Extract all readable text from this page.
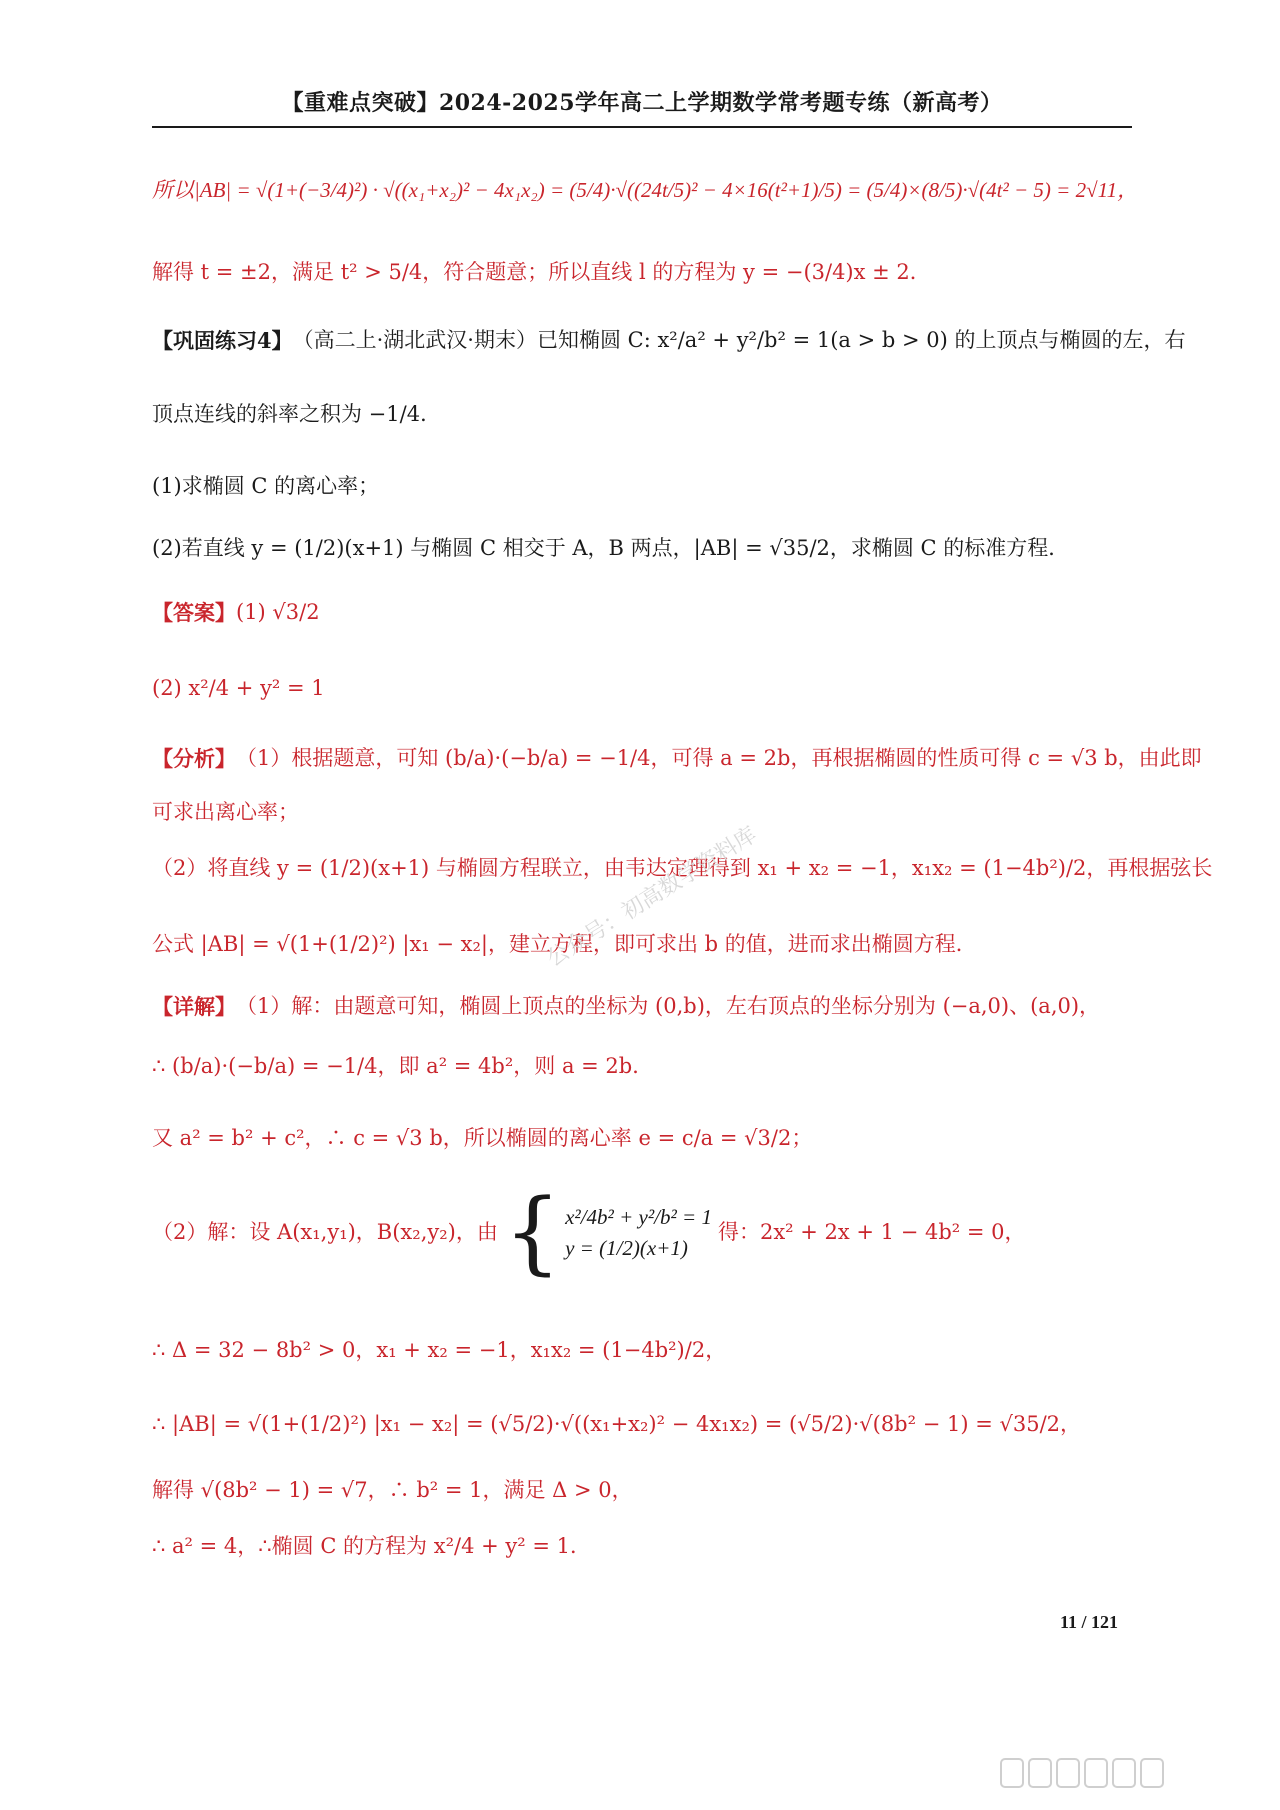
【重难点突破】2024-2025学年高二上学期数学常考题专练（新高考）
所以|AB| = √(1+(−3/4)²) · √((x₁+x₂)² − 4x₁x₂) = (5/4)·√((24t/5)² − 4×16(t²+1)/5) = (5/4)×(8/5)·√(4t² − 5) = 2√11，
解得 t = ±2，满足 t² > 5/4，符合题意；所以直线 l 的方程为 y = −(3/4)x ± 2．
【巩固练习4】 （高二上·湖北武汉·期末）已知椭圆 C: x²/a² + y²/b² = 1(a > b > 0) 的上顶点与椭圆的左，右
顶点连线的斜率之积为 −1/4．
(1)求椭圆 C 的离心率；
(2)若直线 y = (1/2)(x+1) 与椭圆 C 相交于 A，B 两点，|AB| = √35/2，求椭圆 C 的标准方程．
【答案】 (1) √3/2
(2) x²/4 + y² = 1
【分析】 （1）根据题意，可知 (b/a)·(−b/a) = −1/4，可得 a = 2b，再根据椭圆的性质可得 c = √3 b，由此即
可求出离心率；
（2）将直线 y = (1/2)(x+1) 与椭圆方程联立，由韦达定理得到 x₁ + x₂ = −1，x₁x₂ = (1−4b²)/2，再根据弦长
公式 |AB| = √(1+(1/2)²) |x₁ − x₂|，建立方程，即可求出 b 的值，进而求出椭圆方程．
【详解】 （1）解：由题意可知，椭圆上顶点的坐标为 (0,b)，左右顶点的坐标分别为 (−a,0)、(a,0)，
∴ (b/a)·(−b/a) = −1/4，即 a² = 4b²，则 a = 2b．
又 a² = b² + c²，∴ c = √3 b，所以椭圆的离心率 e = c/a = √3/2；
（2）解：设 A(x₁,y₁)，B(x₂,y₂)，由 { x²/4b² + y²/b² = 1
y = (1/2)(x+1)
得：2x² + 2x + 1 − 4b² = 0，
∴ Δ = 32 − 8b² > 0，x₁ + x₂ = −1，x₁x₂ = (1−4b²)/2，
∴ |AB| = √(1+(1/2)²) |x₁ − x₂| = (√5/2)·√((x₁+x₂)² − 4x₁x₂) = (√5/2)·√(8b² − 1) = √35/2，
解得 √(8b² − 1) = √7，∴ b² = 1，满足 Δ > 0，
∴ a² = 4，∴椭圆 C 的方程为 x²/4 + y² = 1．
公众号：初高数学资料库
11 / 121
